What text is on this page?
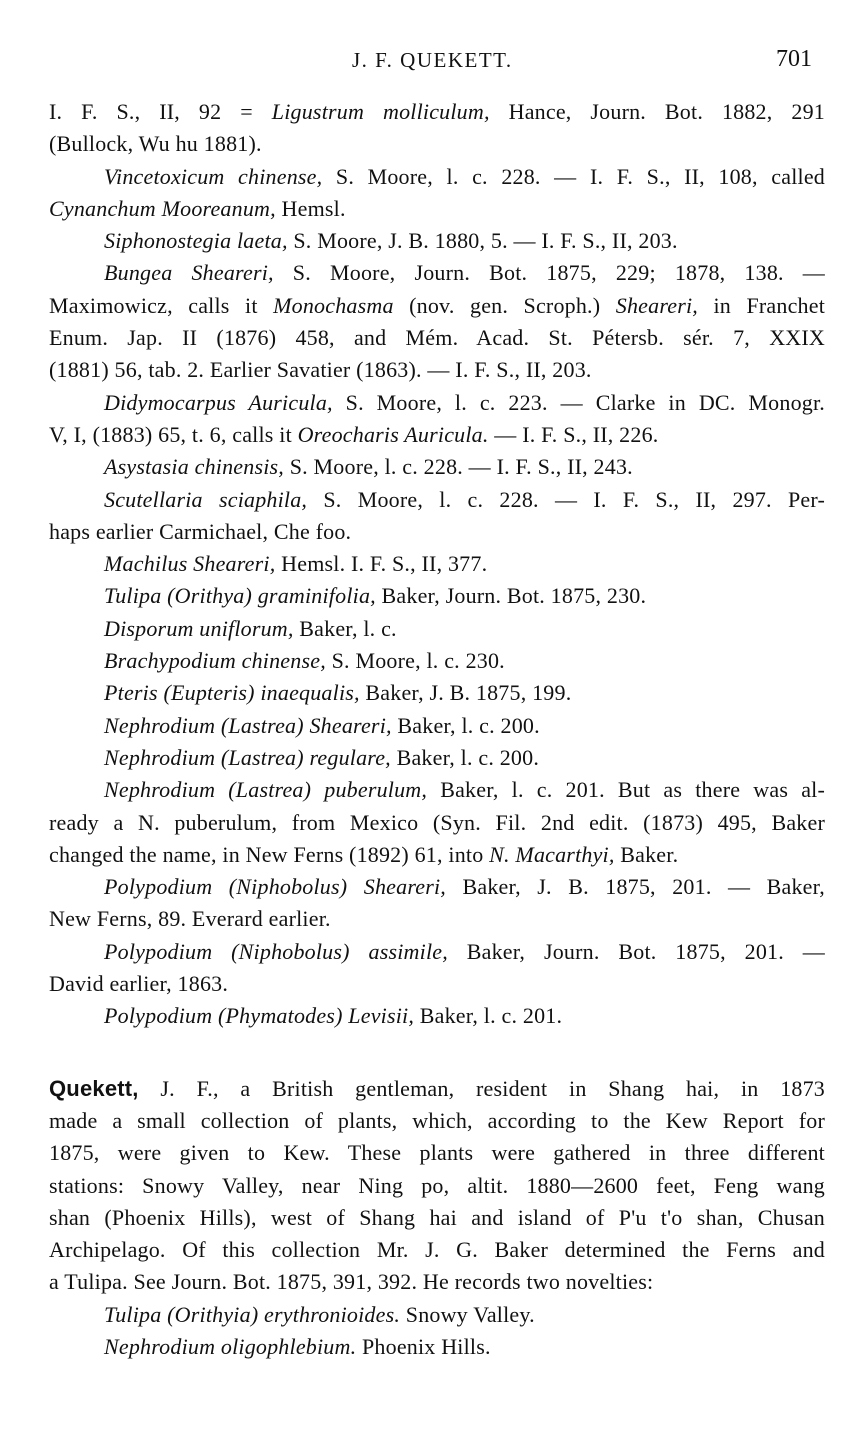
J. F. QUEKETT.	701
I. F. S., II, 92 = Ligustrum molliculum, Hance, Journ. Bot. 1882, 291
(Bullock, Wu hu 1881).
Vincetoxicum chinense, S. Moore, l. c. 228. — I. F. S., II, 108, called
Cynanchum Mooreanum, Hemsl.
Siphonostegia laeta, S. Moore, J. B. 1880, 5. — I. F. S., II, 203.
Bungea Sheareri, S. Moore, Journ. Bot. 1875, 229; 1878, 138. —
Maximowicz, calls it Monochasma (nov. gen. Scroph.) Sheareri, in Franchet
Enum. Jap. II (1876) 458, and Mém. Acad. St. Pétersb. sér. 7, XXIX
(1881) 56, tab. 2. Earlier Savatier (1863). — I. F. S., II, 203.
Didymocarpus Auricula, S. Moore, l. c. 223. — Clarke in DC. Monogr.
V, I, (1883) 65, t. 6, calls it Oreocharis Auricula. — I. F. S., II, 226.
Asystasia chinensis, S. Moore, l. c. 228. — I. F. S., II, 243.
Scutellaria sciaphila, S. Moore, l. c. 228. — I. F. S., II, 297. Per-
haps earlier Carmichael, Che foo.
Machilus Sheareri, Hemsl. I. F. S., II, 377.
Tulipa (Orithya) graminifolia, Baker, Journ. Bot. 1875, 230.
Disporum uniflorum, Baker, l. c.
Brachypodium chinense, S. Moore, l. c. 230.
Pteris (Eupteris) inaequalis, Baker, J. B. 1875, 199.
Nephrodium (Lastrea) Sheareri, Baker, l. c. 200.
Nephrodium (Lastrea) regulare, Baker, l. c. 200.
Nephrodium (Lastrea) puberulum, Baker, l. c. 201. But as there was al-
ready a N. puberulum, from Mexico (Syn. Fil. 2nd edit. (1873) 495, Baker
changed the name, in New Ferns (1892) 61, into N. Macarthyi, Baker.
Polypodium (Niphobolus) Sheareri, Baker, J. B. 1875, 201. — Baker,
New Ferns, 89. Everard earlier.
Polypodium (Niphobolus) assimile, Baker, Journ. Bot. 1875, 201. —
David earlier, 1863.
Polypodium (Phymatodes) Levisii, Baker, l. c. 201.
Quekett, J. F., a British gentleman, resident in Shang hai, in 1873
made a small collection of plants, which, according to the Kew Report for
1875, were given to Kew. These plants were gathered in three different
stations: Snowy Valley, near Ning po, altit. 1880—2600 feet, Feng wang
shan (Phoenix Hills), west of Shang hai and island of P'u t'o shan, Chusan
Archipelago. Of this collection Mr. J. G. Baker determined the Ferns and
a Tulipa. See Journ. Bot. 1875, 391, 392. He records two novelties:
Tulipa (Orithyia) erythronioides. Snowy Valley.
Nephrodium oligophlebium. Phoenix Hills.
